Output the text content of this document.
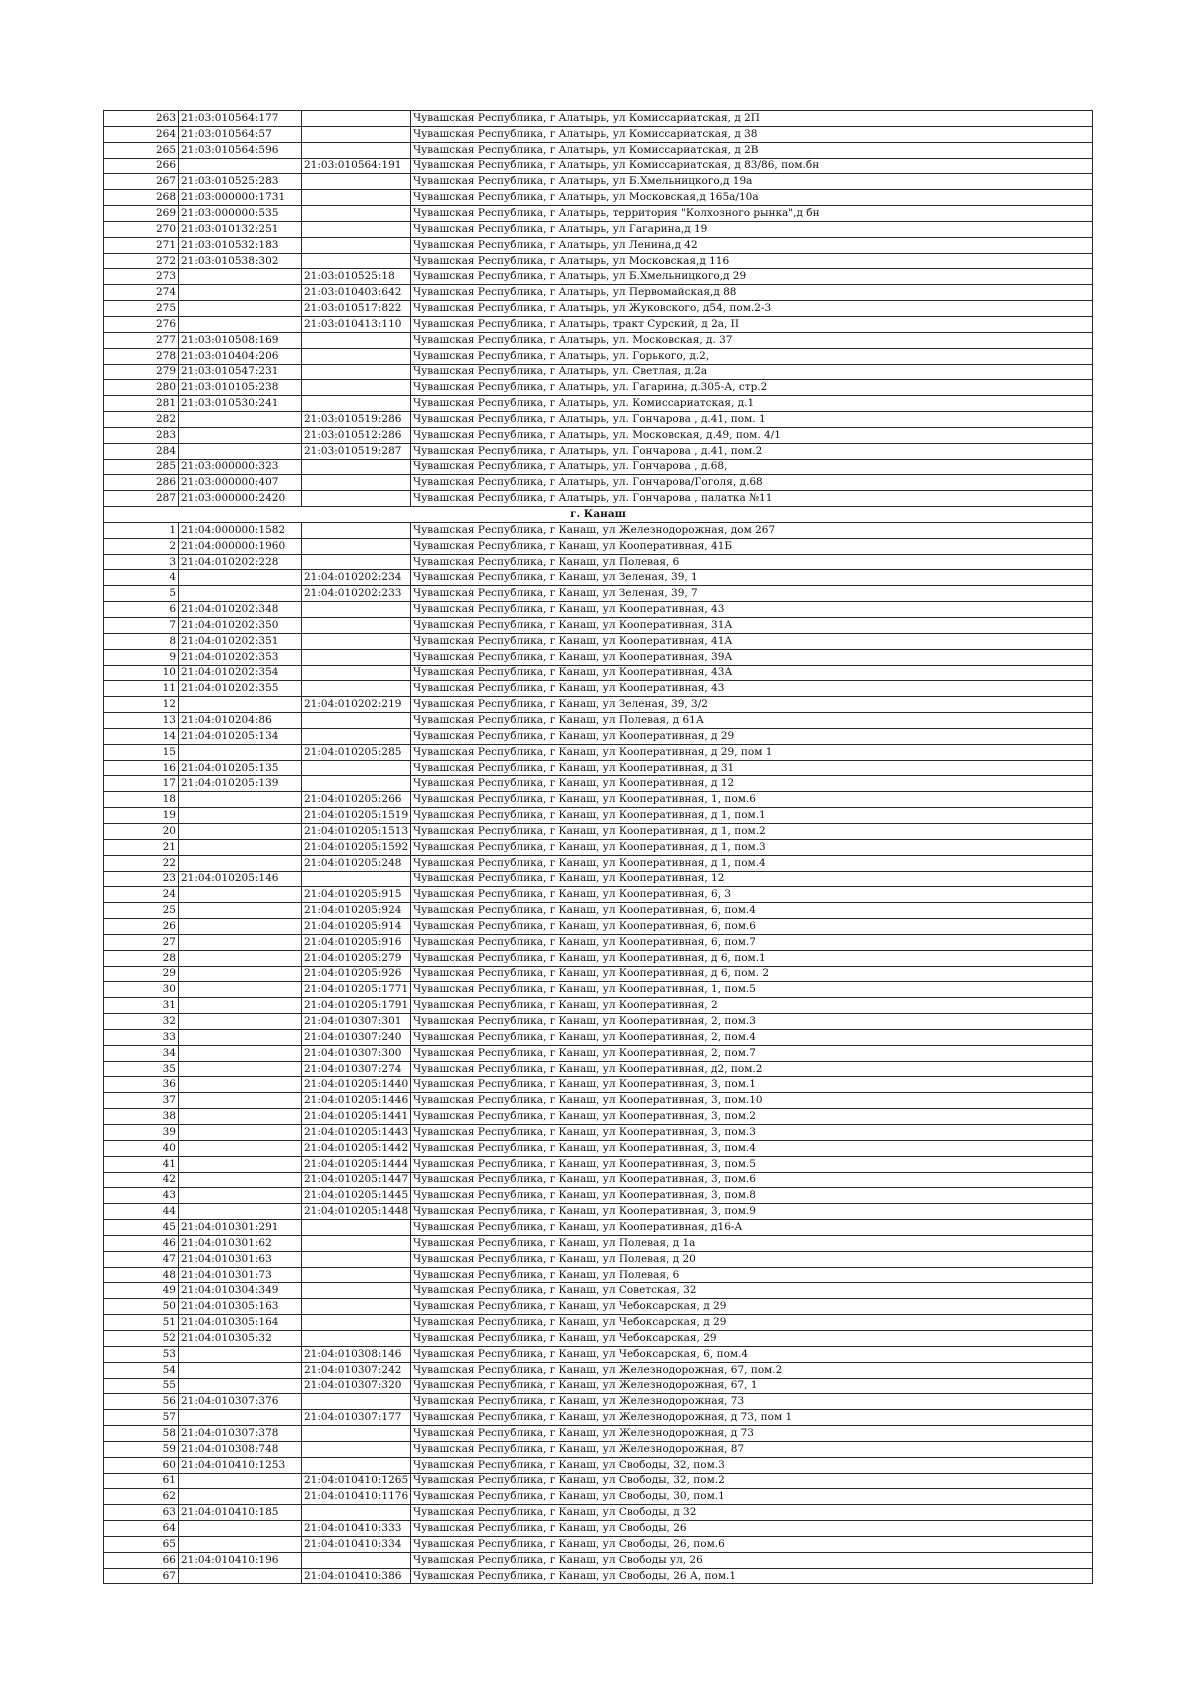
263	21:03:010564:177		Чувашская Республика, г Алатырь, ул Комиссариатская, д 2П
264	21:03:010564:57		Чувашская Республика, г Алатырь, ул Комиссариатская, д 38
265	21:03:010564:596		Чувашская Республика, г Алатырь, ул Комиссариатская, д 2В
266		21:03:010564:191	Чувашская Республика, г Алатырь, ул Комиссариатская, д 83/86, пом.бн
267	21:03:010525:283		Чувашская Республика, г Алатырь, ул Б.Хмельницкого,д 19а
268	21:03:000000:1731		Чувашская Республика, г Алатырь, ул Московская,д 165а/10а
269	21:03:000000:535		Чувашская Республика, г Алатырь, территория "Колхозного рынка",д бн
270	21:03:010132:251		Чувашская Республика, г Алатырь, ул Гагарина,д 19
271	21:03:010532:183		Чувашская Республика, г Алатырь, ул Ленина,д 42
272	21:03:010538:302		Чувашская Республика, г Алатырь, ул Московская,д 116
273		21:03:010525:18	Чувашская Республика, г Алатырь, ул Б.Хмельницкого,д 29
274		21:03:010403:642	Чувашская Республика, г Алатырь, ул Первомайская,д 88
275		21:03:010517:822	Чувашская Республика, г Алатырь, ул Жуковского, д54, пом.2-3
276		21:03:010413:110	Чувашская Республика, г Алатырь, тракт Сурский, д 2а, II
277	21:03:010508:169		Чувашская Республика, г Алатырь, ул. Московская, д. 37
278	21:03:010404:206		Чувашская Республика, г Алатырь, ул. Горького, д.2,
279	21:03:010547:231		Чувашская Республика, г Алатырь, ул. Светлая, д.2а
280	21:03:010105:238		Чувашская Республика, г Алатырь, ул. Гагарина, д.305-А, стр.2
281	21:03:010530:241		Чувашская Республика, г Алатырь, ул. Комиссариатская, д.1
282		21:03:010519:286	Чувашская Республика, г Алатырь, ул. Гончарова , д.41, пом. 1
283		21:03:010512:286	Чувашская Республика, г Алатырь, ул. Московская, д.49, пом. 4/1
284		21:03:010519:287	Чувашская Республика, г Алатырь, ул. Гончарова , д.41, пом.2
285	21:03:000000:323		Чувашская Республика, г Алатырь, ул. Гончарова , д.68,
286	21:03:000000:407		Чувашская Республика, г Алатырь, ул. Гончарова/Гоголя, д.68
287	21:03:000000:2420		Чувашская Республика, г Алатырь, ул. Гончарова , палатка №11
г. Канаш			
1	21:04:000000:1582		Чувашская Республика, г Канаш, ул Железнодорожная, дом 267
2	21:04:000000:1960		Чувашская Республика, г Канаш, ул Кооперативная, 41Б
3	21:04:010202:228		Чувашская Республика, г Канаш, ул Полевая, 6
4		21:04:010202:234	Чувашская Республика, г Канаш, ул Зеленая, 39, 1
5		21:04:010202:233	Чувашская Республика, г Канаш, ул Зеленая, 39, 7
6	21:04:010202:348		Чувашская Республика, г Канаш, ул Кооперативная, 43
7	21:04:010202:350		Чувашская Республика, г Канаш, ул Кооперативная, 31А
8	21:04:010202:351		Чувашская Республика, г Канаш, ул Кооперативная, 41А
9	21:04:010202:353		Чувашская Республика, г Канаш, ул Кооперативная, 39А
10	21:04:010202:354		Чувашская Республика, г Канаш, ул Кооперативная, 43А
11	21:04:010202:355		Чувашская Республика, г Канаш, ул Кооперативная, 43
12		21:04:010202:219	Чувашская Республика, г Канаш, ул Зеленая, 39, 3/2
13	21:04:010204:86		Чувашская Республика, г Канаш, ул Полевая, д 61А
14	21:04:010205:134		Чувашская Республика, г Канаш, ул Кооперативная, д 29
15		21:04:010205:285	Чувашская Республика, г Канаш, ул Кооперативная, д 29, пом 1
16	21:04:010205:135		Чувашская Республика, г Канаш, ул Кооперативная, д 31
17	21:04:010205:139		Чувашская Республика, г Канаш, ул Кооперативная, д 12
18		21:04:010205:266	Чувашская Республика, г Канаш, ул Кооперативная, 1, пом.6
19		21:04:010205:1519	Чувашская Республика, г Канаш, ул Кооперативная, д 1, пом.1
20		21:04:010205:1513	Чувашская Республика, г Канаш, ул Кооперативная, д 1, пом.2
21		21:04:010205:1592	Чувашская Республика, г Канаш, ул Кооперативная, д 1, пом.3
22		21:04:010205:248	Чувашская Республика, г Канаш, ул Кооперативная, д 1, пом.4
23	21:04:010205:146		Чувашская Республика, г Канаш, ул Кооперативная, 12
24		21:04:010205:915	Чувашская Республика, г Канаш, ул Кооперативная, 6, 3
25		21:04:010205:924	Чувашская Республика, г Канаш, ул Кооперативная, 6, пом.4
26		21:04:010205:914	Чувашская Республика, г Канаш, ул Кооперативная, 6, пом.6
27		21:04:010205:916	Чувашская Республика, г Канаш, ул Кооперативная, 6, пом.7
28		21:04:010205:279	Чувашская Республика, г Канаш, ул Кооперативная, д 6, пом.1
29		21:04:010205:926	Чувашская Республика, г Канаш, ул Кооперативная, д 6, пом. 2
30		21:04:010205:1771	Чувашская Республика, г Канаш, ул Кооперативная, 1, пом.5
31		21:04:010205:1791	Чувашская Республика, г Канаш, ул Кооперативная, 2
32		21:04:010307:301	Чувашская Республика, г Канаш, ул Кооперативная, 2, пом.3
33		21:04:010307:240	Чувашская Республика, г Канаш, ул Кооперативная, 2, пом.4
34		21:04:010307:300	Чувашская Республика, г Канаш, ул Кооперативная, 2, пом.7
35		21:04:010307:274	Чувашская Республика, г Канаш, ул Кооперативная, д2, пом.2
36		21:04:010205:1440	Чувашская Республика, г Канаш, ул Кооперативная, 3, пом.1
37		21:04:010205:1446	Чувашская Республика, г Канаш, ул Кооперативная, 3, пом.10
38		21:04:010205:1441	Чувашская Республика, г Канаш, ул Кооперативная, 3, пом.2
39		21:04:010205:1443	Чувашская Республика, г Канаш, ул Кооперативная, 3, пом.3
40		21:04:010205:1442	Чувашская Республика, г Канаш, ул Кооперативная, 3, пом.4
41		21:04:010205:1444	Чувашская Республика, г Канаш, ул Кооперативная, 3, пом.5
42		21:04:010205:1447	Чувашская Республика, г Канаш, ул Кооперативная, 3, пом.6
43		21:04:010205:1445	Чувашская Республика, г Канаш, ул Кооперативная, 3, пом.8
44		21:04:010205:1448	Чувашская Республика, г Канаш, ул Кооперативная, 3, пом.9
45	21:04:010301:291		Чувашская Республика, г Канаш, ул Кооперативная, д16-А
46	21:04:010301:62		Чувашская Республика, г Канаш, ул Полевая, д 1а
47	21:04:010301:63		Чувашская Республика, г Канаш, ул Полевая, д 20
48	21:04:010301:73		Чувашская Республика, г Канаш, ул Полевая, 6
49	21:04:010304:349		Чувашская Республика, г Канаш, ул Советская, 32
50	21:04:010305:163		Чувашская Республика, г Канаш, ул Чебоксарская, д 29
51	21:04:010305:164		Чувашская Республика, г Канаш, ул Чебоксарская, д 29
52	21:04:010305:32		Чувашская Республика, г Канаш, ул Чебоксарская, 29
53		21:04:010308:146	Чувашская Республика, г Канаш, ул Чебоксарская, 6, пом.4
54		21:04:010307:242	Чувашская Республика, г Канаш, ул Железнодорожная, 67, пом.2
55		21:04:010307:320	Чувашская Республика, г Канаш, ул Железнодорожная, 67, 1
56	21:04:010307:376		Чувашская Республика, г Канаш, ул Железнодорожная, 73
57		21:04:010307:177	Чувашская Республика, г Канаш, ул Железнодорожная, д 73, пом 1
58	21:04:010307:378		Чувашская Республика, г Канаш, ул Железнодорожная, д 73
59	21:04:010308:748		Чувашская Республика, г Канаш, ул Железнодорожная, 87
60	21:04:010410:1253		Чувашская Республика, г Канаш, ул Свободы, 32, пом.3
61		21:04:010410:1265	Чувашская Республика, г Канаш, ул Свободы, 32, пом.2
62		21:04:010410:1176	Чувашская Республика, г Канаш, ул Свободы, 30, пом.1
63	21:04:010410:185		Чувашская Республика, г Канаш, ул Свободы, д 32
64		21:04:010410:333	Чувашская Республика, г Канаш, ул Свободы, 26
65		21:04:010410:334	Чувашская Республика, г Канаш, ул Свободы, 26, пом.6
66	21:04:010410:196		Чувашская Республика, г Канаш, ул Свободы ул, 26
67		21:04:010410:386	Чувашская Республика, г Канаш, ул Свободы, 26 А, пом.1
